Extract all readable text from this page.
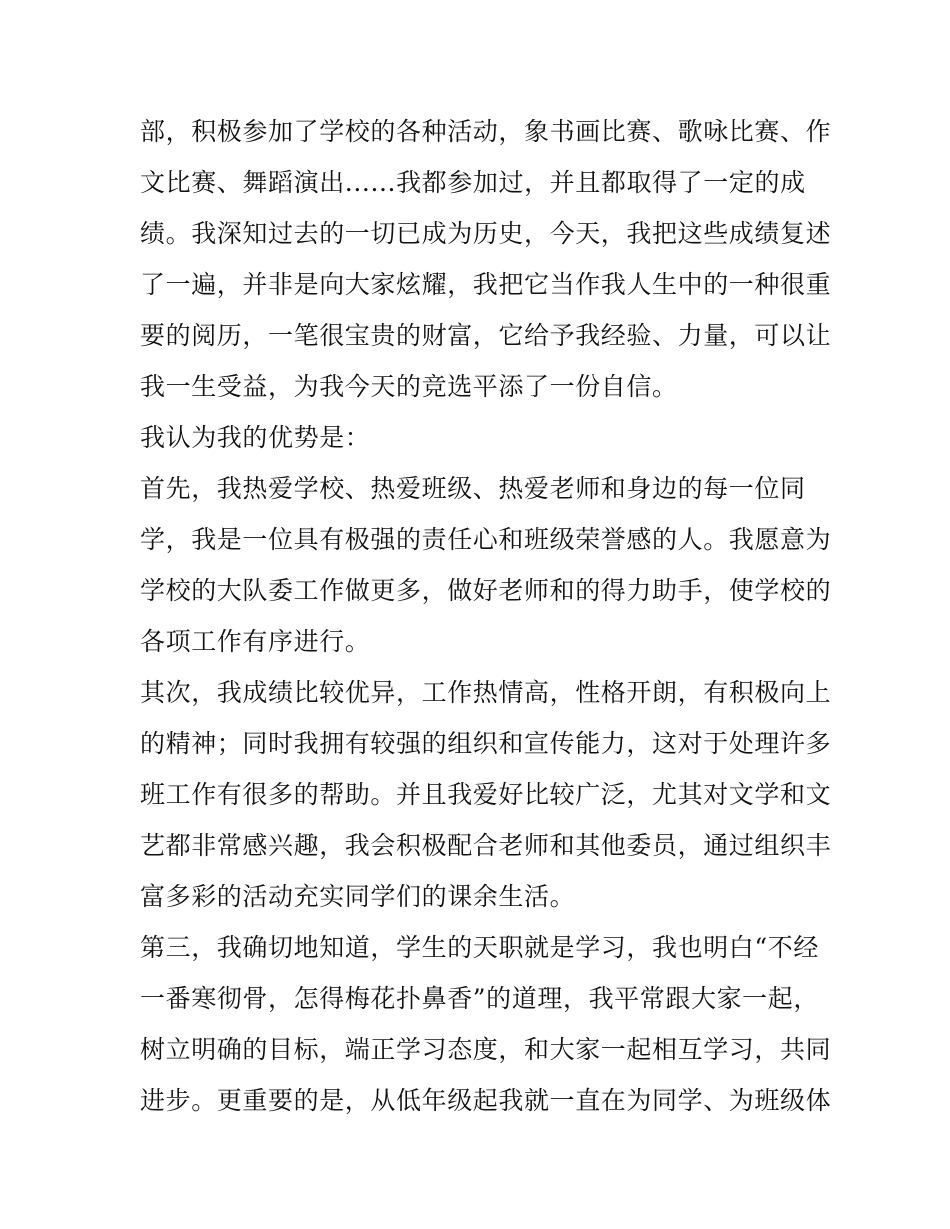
部，积极参加了学校的各种活动，象书画比赛、歌咏比赛、作
文比赛、舞蹈演出......我都参加过，并且都取得了一定的成
绩。我深知过去的一切已成为历史，今天，我把这些成绩复述
了一遍，并非是向大家炫耀，我把它当作我人生中的一种很重
要的阅历，一笔很宝贵的财富，它给予我经验、力量，可以让
我一生受益，为我今天的竞选平添了一份自信。
我认为我的优势是：
首先，我热爱学校、热爱班级、热爱老师和身边的每一位同
学，我是一位具有极强的责任心和班级荣誉感的人。我愿意为
学校的大队委工作做更多，做好老师和的得力助手，使学校的
各项工作有序进行。
其次，我成绩比较优异，工作热情高，性格开朗，有积极向上
的精神；同时我拥有较强的组织和宣传能力，这对于处理许多
班工作有很多的帮助。并且我爱好比较广泛，尤其对文学和文
艺都非常感兴趣，我会积极配合老师和其他委员，通过组织丰
富多彩的活动充实同学们的课余生活。
第三，我确切地知道，学生的天职就是学习，我也明白“不经
一番寒彻骨，怎得梅花扑鼻香”的道理，我平常跟大家一起，
树立明确的目标，端正学习态度，和大家一起相互学习，共同
进步。更重要的是，从低年级起我就一直在为同学、为班级体
